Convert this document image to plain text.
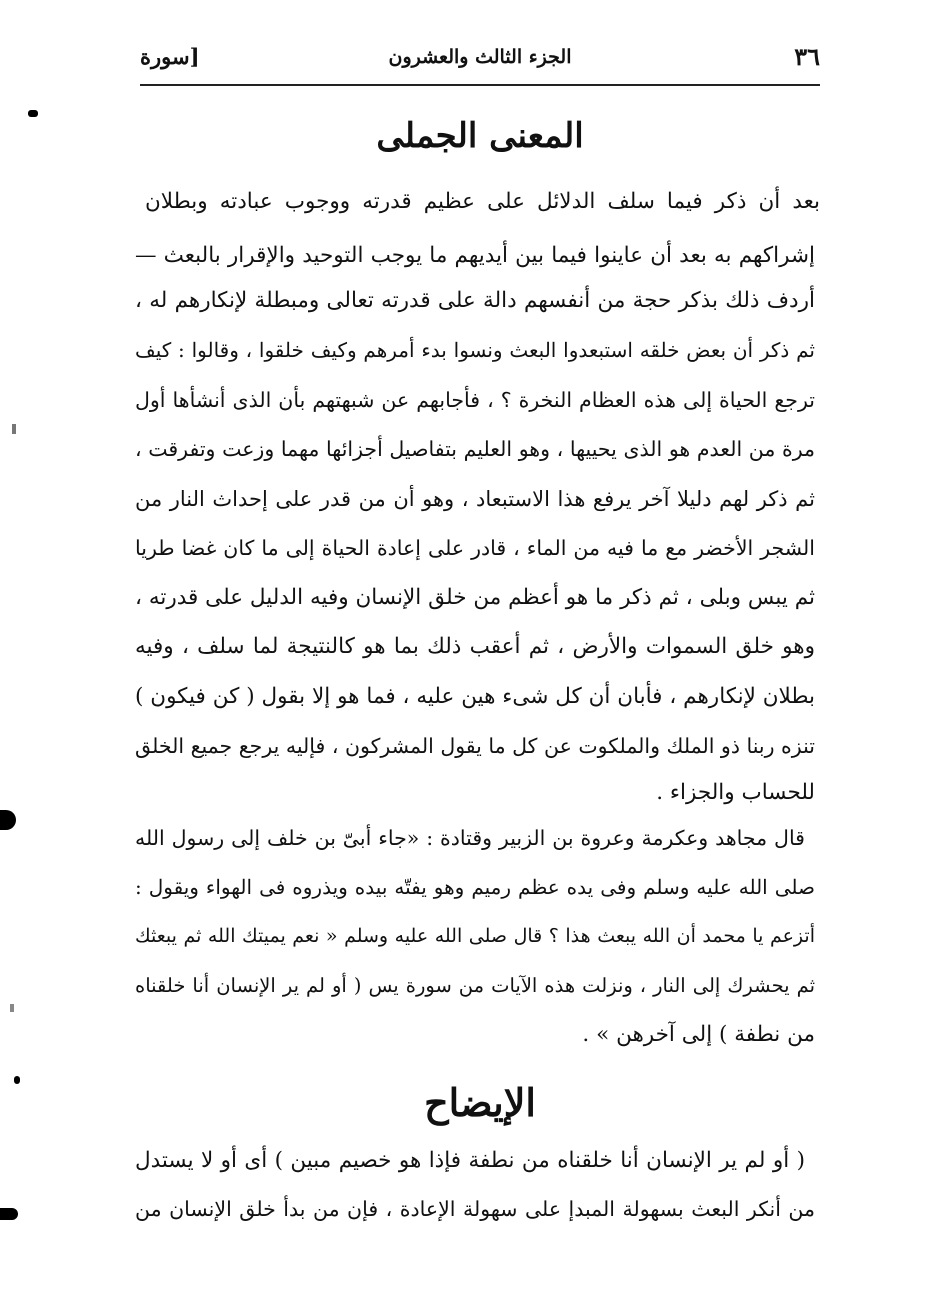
٣٦
الجزء الثالث والعشرون
[سورة
المعنى الجملى
بعد أن ذكر فيما سلف الدلائل على عظيم قدرته ووجوب عبادته وبطلان
إشراكهم به بعد أن عاينوا فيما بين أيديهم ما يوجب التوحيد والإقرار بالبعث —
أردف ذلك بذكر حجة من أنفسهم دالة على قدرته تعالى ومبطلة لإنكارهم له ،
ثم ذكر أن بعض خلقه استبعدوا البعث ونسوا بدء أمرهم وكيف خلقوا ، وقالوا : كيف
ترجع الحياة إلى هذه العظام النخرة ؟ ، فأجابهم عن شبهتهم بأن الذى أنشأها أول
مرة من العدم هو الذى يحييها ، وهو العليم بتفاصيل أجزائها مهما وزعت وتفرقت ،
ثم ذكر لهم دليلا آخر يرفع هذا الاستبعاد ، وهو أن من قدر على إحداث النار من
الشجر الأخضر مع ما فيه من الماء ، قادر على إعادة الحياة إلى ما كان غضا طريا
ثم يبس وبلى ، ثم ذكر ما هو أعظم من خلق الإنسان وفيه الدليل على قدرته ،
وهو خلق السموات والأرض ، ثم أعقب ذلك بما هو كالنتيجة لما سلف ، وفيه
بطلان لإنكارهم ، فأبان أن كل شىء هين عليه ، فما هو إلا بقول ( كن فيكون )
تنزه ربنا ذو الملك والملكوت عن كل ما يقول المشركون ، فإليه يرجع جميع الخلق
للحساب والجزاء .
قال مجاهد وعكرمة وعروة بن الزبير وقتادة : «جاء أبىّ بن خلف إلى رسول الله
صلى الله عليه وسلم وفى يده عظم رميم وهو يفتّه بيده ويذروه فى الهواء ويقول :
أتزعم يا محمد أن الله يبعث هذا ؟ قال صلى الله عليه وسلم « نعم يميتك الله ثم يبعثك
ثم يحشرك إلى النار ، ونزلت هذه الآيات من سورة يس ( أو لم ير الإنسان أنا خلقناه
من نطفة ) إلى آخرهن » .
الإيضاح
( أو لم ير الإنسان أنا خلقناه من نطفة فإذا هو خصيم مبين ) أى أو لا يستدل
من أنكر البعث بسهولة المبدإ على سهولة الإعادة ، فإن من بدأ خلق الإنسان من
